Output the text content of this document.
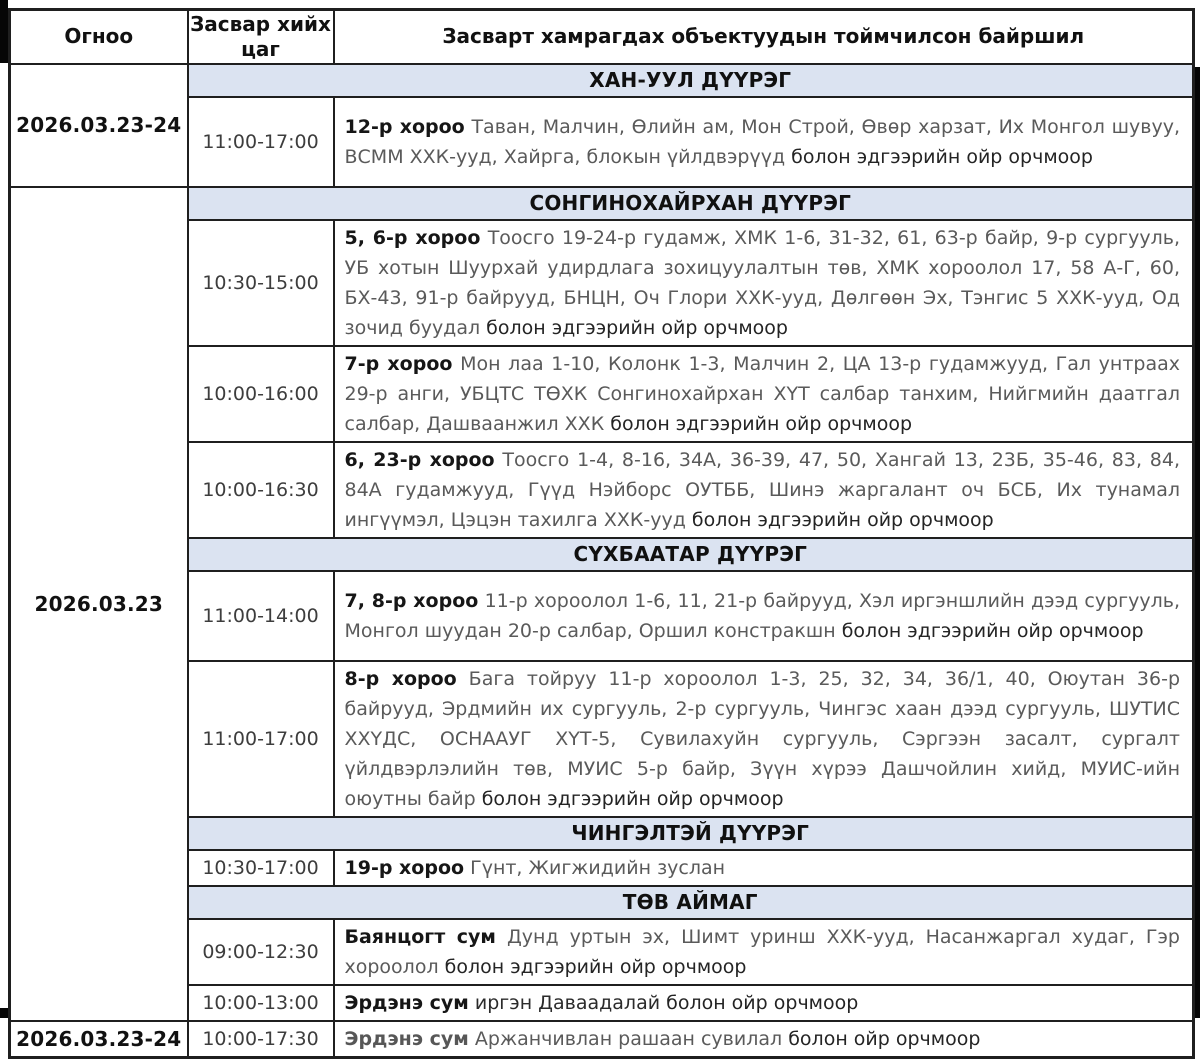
Огноо	Засвар хийх цаг	Засварт хамрагдах объектуудын тоймчилсон байршил
2026.03.23-24	ХАН-УУЛ ДҮҮРЭГ	
	11:00-17:00	12-р хороо Таван, Малчин, Өлийн ам, Мон Строй, Өвөр харзат, Их Монгол шувуу, ВСММ ХХК-ууд, Хайрга, блокын үйлдвэрүүд болон эдгээрийн ойр орчмоор
2026.03.23	СОНГИНОХАЙРХАН ДҮҮРЭГ	
	10:30-15:00	5, 6-р хороо Тоосго 19-24-р гудамж, ХМК 1-6, 31-32, 61, 63-р байр, 9-р сургууль, УБ хотын Шуурхай удирдлага зохицуулалтын төв, ХМК хороолол 17, 58 А-Г, 60, БХ-43, 91-р байрууд, БНЦН, Оч Глори ХХК-ууд, Дөлгөөн Эх, Тэнгис 5 ХХК-ууд, Од зочид буудал болон эдгээрийн ойр орчмоор
	10:00-16:00	7-р хороо Мон лаа 1-10, Колонк 1-3, Малчин 2, ЦА 13-р гудамжууд, Гал унтраах 29-р анги, УБЦТС ТӨХК Сонгинохайрхан ХҮТ салбар танхим, Нийгмийн даатгал салбар, Дашваанжил ХХК болон эдгээрийн ойр орчмоор
	10:00-16:30	6, 23-р хороо Тоосго 1-4, 8-16, 34А, 36-39, 47, 50, Хангай 13, 23Б, 35-46, 83, 84, 84А гудамжууд, Гүүд Нэйборс ОУТББ, Шинэ жаргалант оч БСБ, Их тунамал ингүүмэл, Цэцэн тахилга ХХК-ууд болон эдгээрийн ойр орчмоор
	СҮХБААТАР ДҮҮРЭГ	
	11:00-14:00	7, 8-р хороо 11-р хороолол 1-6, 11, 21-р байрууд, Хэл иргэншлийн дээд сургууль, Монгол шуудан 20-р салбар, Оршил констракшн болон эдгээрийн ойр орчмоор
	11:00-17:00	8-р хороо Бага тойруу 11-р хороолол 1-3, 25, 32, 34, 36/1, 40, Оюутан 36-р байрууд, Эрдмийн их сургууль, 2-р сургууль, Чингэс хаан дээд сургууль, ШУТИС ХХҮДС, ОСНААУГ ХҮТ-5, Сувилахуйн сургууль, Сэргээн засалт, сургалт үйлдвэрлэлийн төв, МУИС 5-р байр, Зүүн хүрээ Дашчойлин хийд, МУИС-ийн оюутны байр болон эдгээрийн ойр орчмоор
	ЧИНГЭЛТЭЙ ДҮҮРЭГ	
	10:30-17:00	19-р хороо Гүнт, Жигжидийн зуслан
	ТӨВ АЙМАГ	
	09:00-12:30	Баянцогт сум Дунд уртын эх, Шимт уринш ХХК-ууд, Насанжаргал худаг, Гэр хороолол болон эдгээрийн ойр орчмоор
	10:00-13:00	Эрдэнэ сум иргэн Даваадалай болон ойр орчмоор
2026.03.23-24	10:00-17:30	Эрдэнэ сум Аржанчивлан рашаан сувилал болон ойр орчмоор
